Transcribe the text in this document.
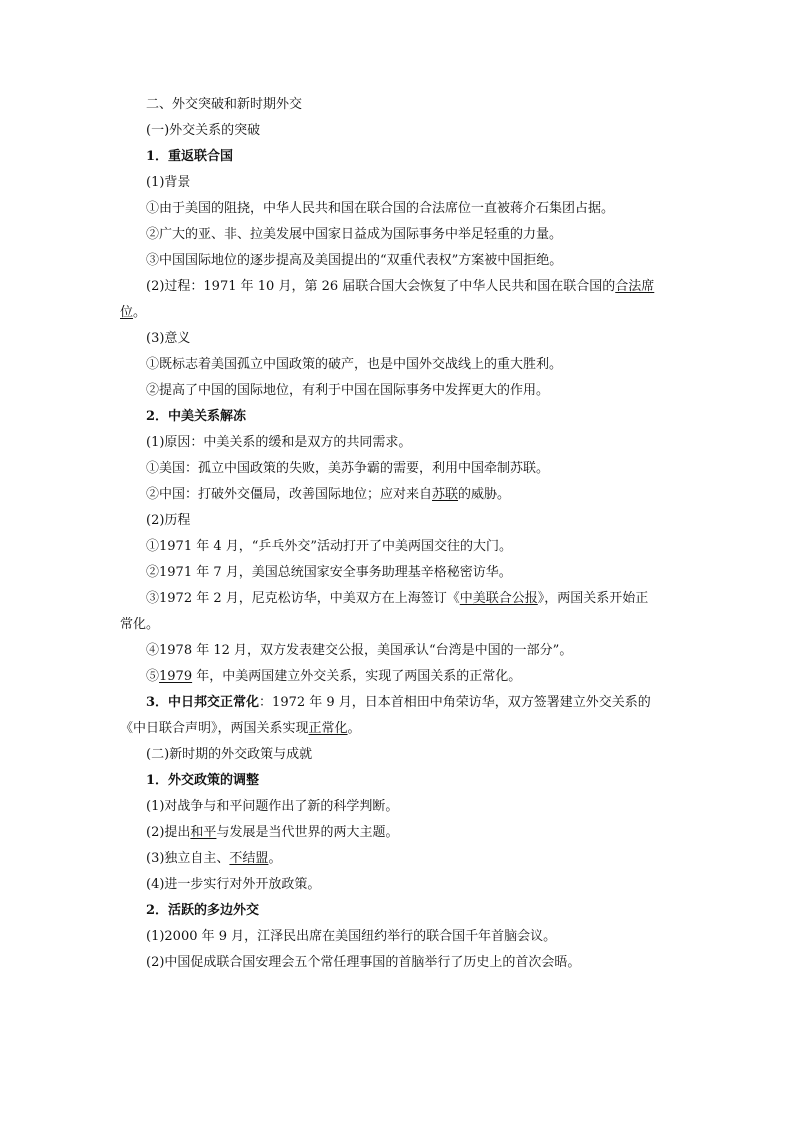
二、外交突破和新时期外交
(一)外交关系的突破
1．重返联合国
(1)背景
①由于美国的阻挠，中华人民共和国在联合国的合法席位一直被蒋介石集团占据。
②广大的亚、非、拉美发展中国家日益成为国际事务中举足轻重的力量。
③中国国际地位的逐步提高及美国提出的“双重代表权”方案被中国拒绝。
(2)过程：1971 年 10 月，第 26 届联合国大会恢复了中华人民共和国在联合国的合法席
位。
(3)意义
①既标志着美国孤立中国政策的破产，也是中国外交战线上的重大胜利。
②提高了中国的国际地位，有利于中国在国际事务中发挥更大的作用。
2．中美关系解冻
(1)原因：中美关系的缓和是双方的共同需求。
①美国：孤立中国政策的失败，美苏争霸的需要，利用中国牵制苏联。
②中国：打破外交僵局，改善国际地位；应对来自苏联的威胁。
(2)历程
①1971 年 4 月，“乒乓外交”活动打开了中美两国交往的大门。
②1971 年 7 月，美国总统国家安全事务助理基辛格秘密访华。
③1972 年 2 月，尼克松访华，中美双方在上海签订《中美联合公报》，两国关系开始正
常化。
④1978 年 12 月，双方发表建交公报，美国承认“台湾是中国的一部分”。
⑤1979 年，中美两国建立外交关系，实现了两国关系的正常化。
3．中日邦交正常化：1972 年 9 月，日本首相田中角荣访华，双方签署建立外交关系的
《中日联合声明》，两国关系实现正常化。
(二)新时期的外交政策与成就
1．外交政策的调整
(1)对战争与和平问题作出了新的科学判断。
(2)提出和平与发展是当代世界的两大主题。
(3)独立自主、不结盟。
(4)进一步实行对外开放政策。
2．活跃的多边外交
(1)2000 年 9 月，江泽民出席在美国纽约举行的联合国千年首脑会议。
(2)中国促成联合国安理会五个常任理事国的首脑举行了历史上的首次会晤。
